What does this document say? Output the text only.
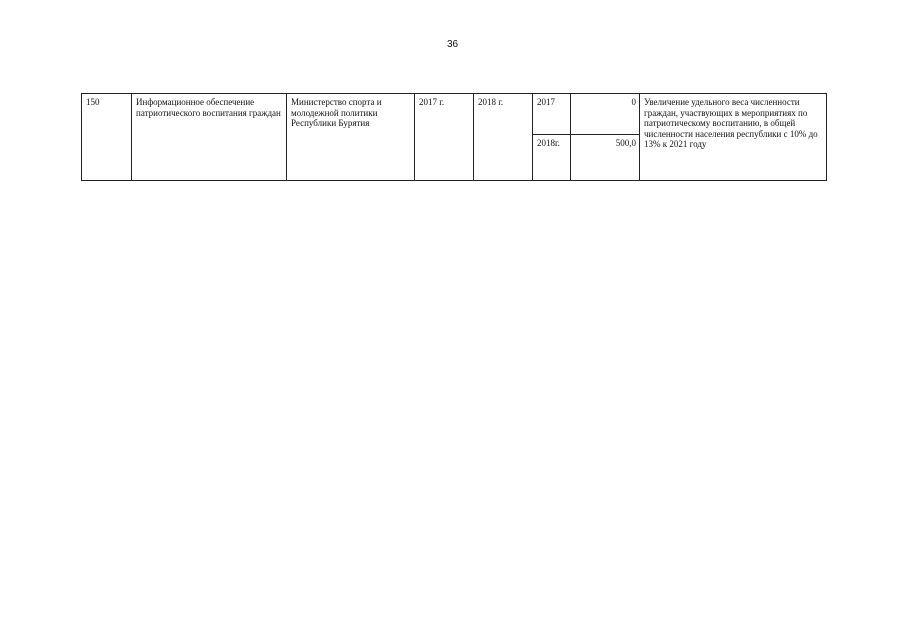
36
150	Информационное обеспечение патриотического воспитания граждан	Министерство спорта и молодежной политики Республики Бурятия	2017 г.	2018 г.	2017	0	Увеличение удельного веса численности граждан, участвующих в мероприятиях по патриотическому воспитанию, в общей численности населения республики с 10% до 13% к 2021 году
					2018г.	500,0	
